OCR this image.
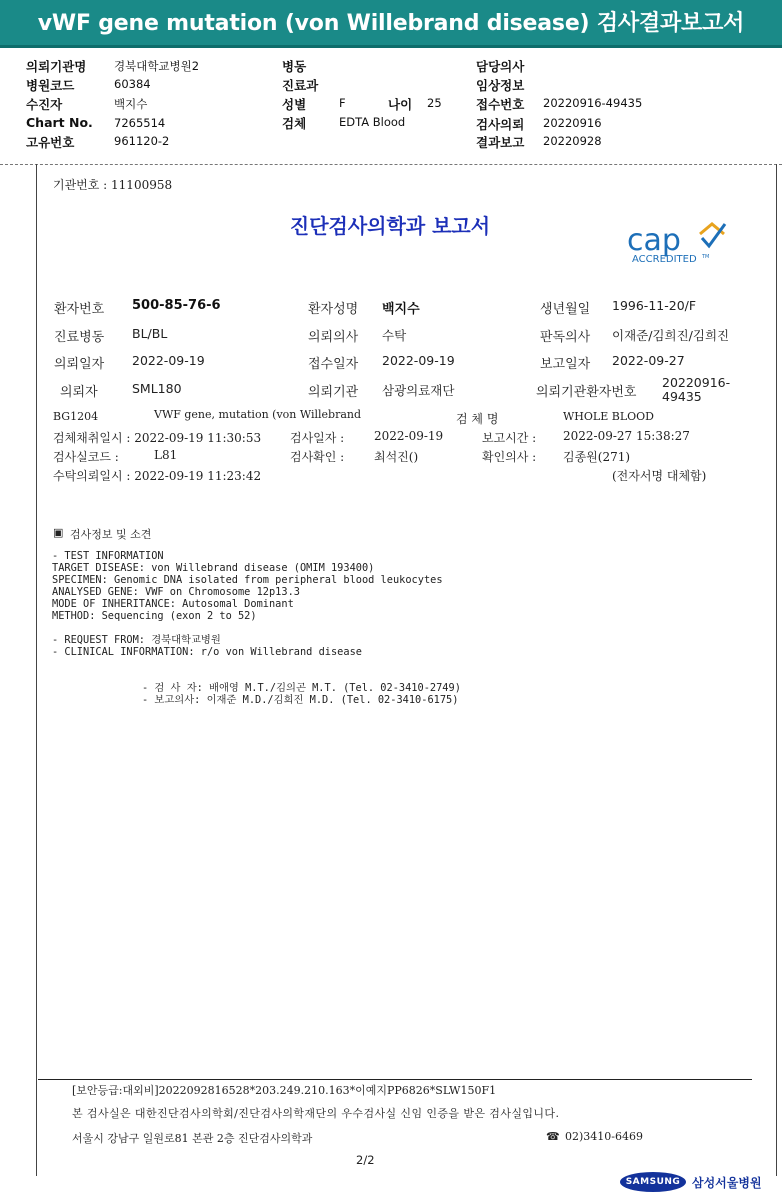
vWF gene mutation (von Willebrand disease) 검사결과보고서
의뢰기관명 경북대학교병원2
병원코드	60384
수진자	백지수
Chart No. 7265514
고유번호	961120-2
병동
진료과
성별	F	나이 25
검체	EDTA Blood
담당의사
임상정보
접수번호 20220916-49435
검사의뢰 20220916
결과보고 20220928
기관번호 : 11100958
진단검사의학과 보고서	cap
ACCREDITED TM
환자번호 500-85-76-6	환자성명 백지수	생년월일 1996-11-20/F
진료병동 BL/BL	의뢰의사 수탁	판독의사 이재준/김희진/김희진
의뢰일자 2022-09-19	접수일자 2022-09-19	보고일자 2022-09-27
의뢰자	SML180	의뢰기관 삼광의료재단	의뢰기관환자번호
20220916-
49435
BG1204	VWF gene, mutation (von Willebrand	검 체 명	WHOLE BLOOD
검체채취일시 : 2022-09-19 11:30:53 검사일자 : 2022-09-19	보고시간 : 2022-09-27 15:38:27
검사실코드 :	L81	검사확인 : 최석진()	확인의사 : 김종원(271)
수탁의뢰일시 : 2022-09-19 11:23:42	(전자서명 대체함)
▣ 검사정보 및 소견
- TEST INFORMATION
TARGET DISEASE: von Willebrand disease (OMIM 193400)
SPECIMEN: Genomic DNA isolated from peripheral blood leukocytes
ANALYSED GENE: VWF on Chromosome 12p13.3
MODE OF INHERITANCE: Autosomal Dominant
METHOD: Sequencing (exon 2 to 52)
- REQUEST FROM: 경북대학교병원
- CLINICAL INFORMATION: r/o von Willebrand disease
- 검 사 자: 배애영 M.T./김의곤 M.T. (Tel. 02-3410-2749)
- 보고의사: 이재준 M.D./김희진 M.D. (Tel. 02-3410-6175)
[보안등급:대외비]2022092816528*203.249.210.163*이예지PP6826*SLW150F1
본 검사실은 대한진단검사의학회/진단검사의학재단의 우수검사실 신임 인증을 받은 검사실입니다.
서울시 강남구 일원로81 본관 2층 진단검사의학과	☎ 02)3410-6469
2/2
SAMSUNG 삼성서울병원
